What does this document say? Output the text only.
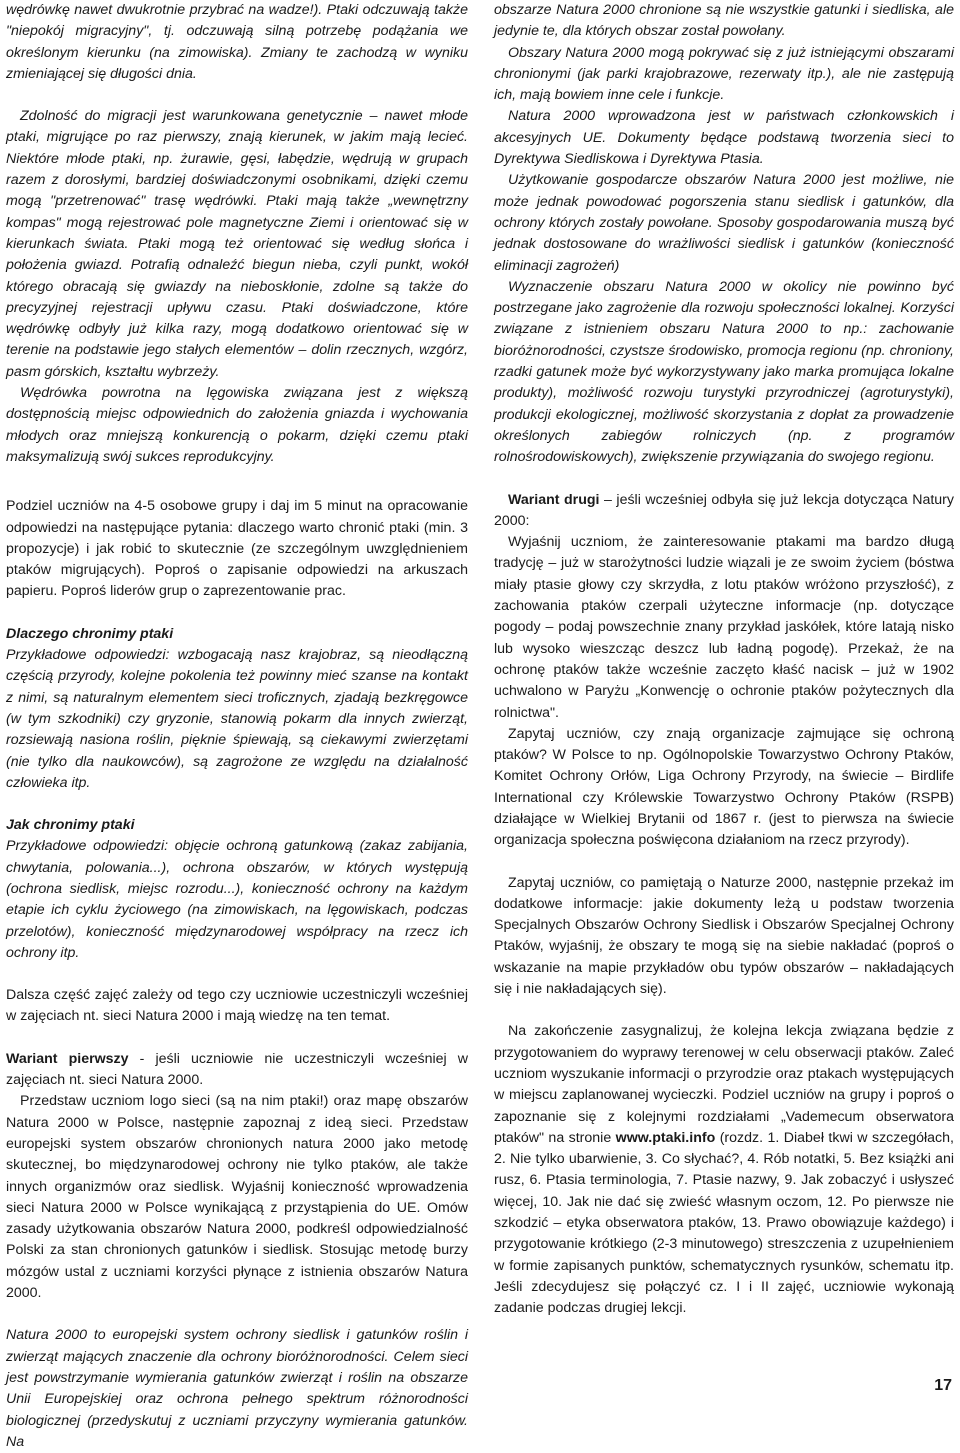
wędrówkę nawet dwukrotnie przybrać na wadze!). Ptaki odczuwają także "niepokój migracyjny", tj. odczuwają silną potrzebę podążania we określonym kierunku (na zimowiska). Zmiany te zachodzą w wyniku zmieniającej się długości dnia.

Zdolność do migracji jest warunkowana genetycznie – nawet młode ptaki, migrujące po raz pierwszy, znają kierunek, w jakim mają lecieć. Niektóre młode ptaki, np. żurawie, gęsi, łabędzie, wędrują w grupach razem z dorosłymi, bardziej doświadczonymi osobnikami, dzięki czemu mogą "przetrenować" trasę wędrówki. Ptaki mają także „wewnętrzny kompas" mogą rejestrować pole magnetyczne Ziemi i orientować się w kierunkach świata. Ptaki mogą też orientować się według słońca i położenia gwiazd. Potrafią odnaleźć biegun nieba, czyli punkt, wokół którego obracają się gwiazdy na nieboskłonie, zdolne są także do precyzyjnej rejestracji upływu czasu. Ptaki doświadczone, które wędrówkę odbyły już kilka razy, mogą dodatkowo orientować się w terenie na podstawie jego stałych elementów – dolin rzecznych, wzgórz, pasm górskich, kształtu wybrzeży.

Wędrówka powrotna na lęgowiska związana jest z większą dostępnością miejsc odpowiednich do założenia gniazda i wychowania młodych oraz mniejszą konkurencją o pokarm, dzięki czemu ptaki maksymalizują swój sukces reprodukcyjny.

Podziel uczniów na 4-5 osobowe grupy i daj im 5 minut na opracowanie odpowiedzi na następujące pytania: dlaczego warto chronić ptaki (min. 3 propozycje) i jak robić to skutecznie (ze szczególnym uwzględnieniem ptaków migrujących). Poproś o zapisanie odpowiedzi na arkuszach papieru. Poproś liderów grup o zaprezentowanie prac.

Dlaczego chronimy ptaki

Przykładowe odpowiedzi: wzbogacają nasz krajobraz, są nieodłączną częścią przyrody, kolejne pokolenia też powinny mieć szanse na kontakt z nimi, są naturalnym elementem sieci troficznych, zjadają bezkręgowce (w tym szkodniki) czy gryzonie, stanowią pokarm dla innych zwierząt, rozsiewają nasiona roślin, pięknie śpiewają, są ciekawymi zwierzętami (nie tylko dla naukowców), są zagrożone ze względu na działalność człowieka itp.

Jak chronimy ptaki

Przykładowe odpowiedzi: objęcie ochroną gatunkową (zakaz zabijania, chwytania, polowania...), ochrona obszarów, w których występują (ochrona siedlisk, miejsc rozrodu...), konieczność ochrony na każdym etapie ich cyklu życiowego (na zimowiskach, na lęgowiskach, podczas przelotów), konieczność międzynarodowej współpracy na rzecz ich ochrony itp.

Dalsza część zajęć zależy od tego czy uczniowie uczestniczyli wcześniej w zajęciach nt. sieci Natura 2000 i mają wiedzę na ten temat.

Wariant pierwszy - jeśli uczniowie nie uczestniczyli wcześniej w zajęciach nt. sieci Natura 2000.

Przedstaw uczniom logo sieci (są na nim ptaki!) oraz mapę obszarów Natura 2000 w Polsce, następnie zapoznaj z ideą sieci. Przedstaw europejski system obszarów chronionych natura 2000 jako metodę skutecznej, bo międzynarodowej ochrony nie tylko ptaków, ale także innych organizmów oraz siedlisk. Wyjaśnij konieczność wprowadzenia sieci Natura 2000 w Polsce wynikającą z przystąpienia do UE. Omów zasady użytkowania obszarów Natura 2000, podkreśl odpowiedzialność Polski za stan chronionych gatunków i siedlisk. Stosując metodę burzy mózgów ustal z uczniami korzyści płynące z istnienia obszarów Natura 2000.

Natura 2000 to europejski system ochrony siedlisk i gatunków roślin i zwierząt mających znaczenie dla ochrony bioróżnorodności. Celem sieci jest powstrzymanie wymierania gatunków zwierząt i roślin na obszarze Unii Europejskiej oraz ochrona pełnego spektrum różnorodności biologicznej (przedyskutuj z uczniami przyczyny wymierania gatunków. Na

obszarze Natura 2000 chronione są nie wszystkie gatunki i siedliska, ale jedynie te, dla których obszar został powołany.

Obszary Natura 2000 mogą pokrywać się z już istniejącymi obszarami chronionymi (jak parki krajobrazowe, rezerwaty itp.), ale nie zastępują ich, mają bowiem inne cele i funkcje.

Natura 2000 wprowadzona jest w państwach członkowskich i akcesyjnych UE. Dokumenty będące podstawą tworzenia sieci to Dyrektywa Siedliskowa i Dyrektywa Ptasia.

Użytkowanie gospodarcze obszarów Natura 2000 jest możliwe, nie może jednak powodować pogorszenia stanu siedlisk i gatunków, dla ochrony których zostały powołane. Sposoby gospodarowania muszą być jednak dostosowane do wrażliwości siedlisk i gatunków (konieczność eliminacji zagrożeń)

Wyznaczenie obszaru Natura 2000 w okolicy nie powinno być postrzegane jako zagrożenie dla rozwoju społeczności lokalnej. Korzyści związane z istnieniem obszaru Natura 2000 to np.: zachowanie bioróżnorodności, czystsze środowisko, promocja regionu (np. chroniony, rzadki gatunek może być wykorzystywany jako marka promująca lokalne produkty), możliwość rozwoju turystyki przyrodniczej (agroturystyki), produkcji ekologicznej, możliwość skorzystania z dopłat za prowadzenie określonych zabiegów rolniczych (np. z programów rolnośrodowiskowych), zwiększenie przywiązania do swojego regionu.

Wariant drugi – jeśli wcześniej odbyła się już lekcja dotycząca Natury 2000:

Wyjaśnij uczniom, że zainteresowanie ptakami ma bardzo długą tradycję – już w starożytności ludzie wiązali je ze swoim życiem (bóstwa miały ptasie głowy czy skrzydła, z lotu ptaków wróżono przyszłość), z zachowania ptaków czerpali użyteczne informacje (np. dotyczące pogody – podaj powszechnie znany przykład jaskółek, które latają nisko lub wysoko wieszcząc deszcz lub ładną pogodę). Przekaż, że na ochronę ptaków także wcześnie zaczęto kłaść nacisk – już w 1902 uchwalono w Paryżu „Konwencję o ochronie ptaków pożytecznych dla rolnictwa".

Zapytaj uczniów, czy znają organizacje zajmujące się ochroną ptaków? W Polsce to np. Ogólnopolskie Towarzystwo Ochrony Ptaków, Komitet Ochrony Orłów, Liga Ochrony Przyrody, na świecie – Birdlife International czy Królewskie Towarzystwo Ochrony Ptaków (RSPB) działające w Wielkiej Brytanii od 1867 r. (jest to pierwsza na świecie organizacja społeczna poświęcona działaniom na rzecz przyrody).

Zapytaj uczniów, co pamiętają o Naturze 2000, następnie przekaż im dodatkowe informacje: jakie dokumenty leżą u podstaw tworzenia Specjalnych Obszarów Ochrony Siedlisk i Obszarów Specjalnej Ochrony Ptaków, wyjaśnij, że obszary te mogą się na siebie nakładać (poproś o wskazanie na mapie przykładów obu typów obszarów – nakładających się i nie nakładających się).

Na zakończenie zasygnalizuj, że kolejna lekcja związana będzie z przygotowaniem do wyprawy terenowej w celu obserwacji ptaków. Zaleć uczniom wyszukanie informacji o przyrodzie oraz ptakach występujących w miejscu zaplanowanej wycieczki. Podziel uczniów na grupy i poproś o zapoznanie się z kolejnymi rozdziałami „Vademecum obserwatora ptaków" na stronie www.ptaki.info (rozdz. 1. Diabeł tkwi w szczegółach, 2. Nie tylko ubarwienie, 3. Co słychać?, 4. Rób notatki, 5. Bez książki ani rusz, 6. Ptasia terminologia, 7. Ptasie nazwy, 9. Jak zobaczyć i usłyszeć więcej, 10. Jak nie dać się zwieść własnym oczom, 12. Po pierwsze nie szkodzić – etyka obserwatora ptaków, 13. Prawo obowiązuje każdego) i przygotowanie krótkiego (2-3 minutowego) streszczenia z uzupełnieniem w formie zapisanych punktów, schematycznych rysunków, schematu itp. Jeśli zdecydujesz się połączyć cz. I i II zajęć, uczniowie wykonają zadanie podczas drugiej lekcji.

17
